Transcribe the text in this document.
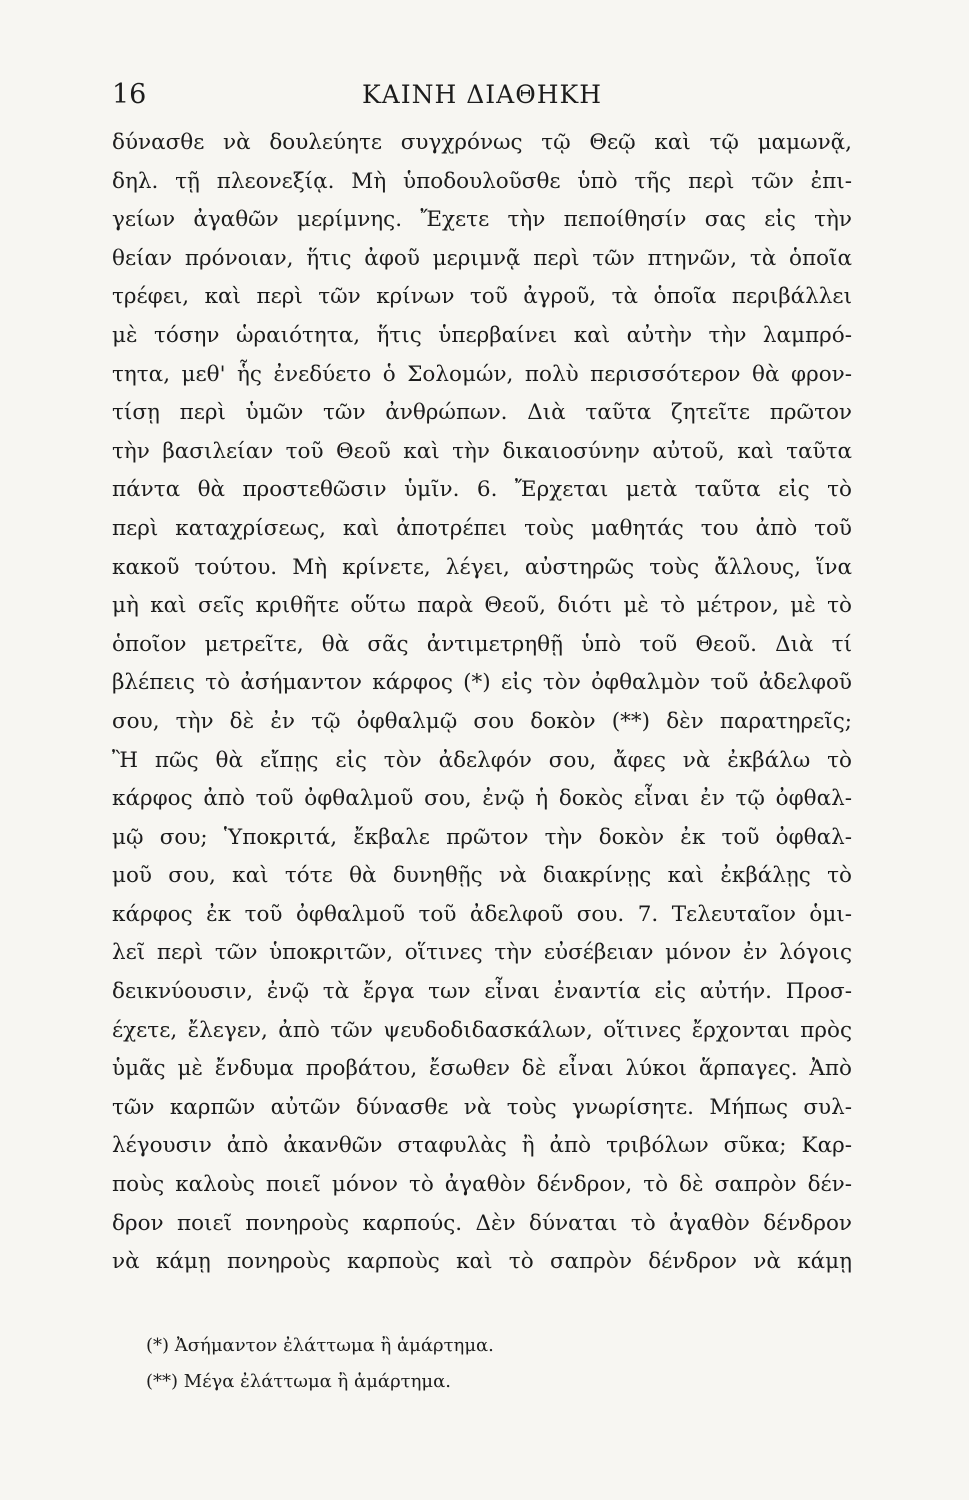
16	ΚΑΙΝΗ ΔΙΑΘΗΚΗ
δύνασθε νὰ δουλεύητε συγχρόνως τῷ Θεῷ καὶ τῷ μαμωνᾷ,
δηλ. τῇ πλεονεξίᾳ. Μὴ ὑποδουλοῦσθε ὑπὸ τῆς περὶ τῶν ἐπι-
γείων ἀγαθῶν μερίμνης. Ἔχετε τὴν πεποίθησίν σας εἰς τὴν
θείαν πρόνοιαν, ἥτις ἀφοῦ μεριμνᾷ περὶ τῶν πτηνῶν, τὰ ὁποῖα
τρέφει, καὶ περὶ τῶν κρίνων τοῦ ἀγροῦ, τὰ ὁποῖα περιβάλλει
μὲ τόσην ὡραιότητα, ἥτις ὑπερβαίνει καὶ αὐτὴν τὴν λαμπρό-
τητα, μεθ' ἧς ἐνεδύετο ὁ Σολομών, πολὺ περισσότερον θὰ φρον-
τίσῃ περὶ ὑμῶν τῶν ἀνθρώπων. Διὰ ταῦτα ζητεῖτε πρῶτον
τὴν βασιλείαν τοῦ Θεοῦ καὶ τὴν δικαιοσύνην αὐτοῦ, καὶ ταῦτα
πάντα θὰ προστεθῶσιν ὑμῖν. 6. Ἔρχεται μετὰ ταῦτα εἰς τὸ
περὶ καταχρίσεως, καὶ ἀποτρέπει τοὺς μαθητάς του ἀπὸ τοῦ
κακοῦ τούτου. Μὴ κρίνετε, λέγει, αὐστηρῶς τοὺς ἄλλους, ἵνα
μὴ καὶ σεῖς κριθῆτε οὕτω παρὰ Θεοῦ, διότι μὲ τὸ μέτρον, μὲ τὸ
ὁποῖον μετρεῖτε, θὰ σᾶς ἀντιμετρηθῇ ὑπὸ τοῦ Θεοῦ. Διὰ τί
βλέπεις τὸ ἀσήμαντον κάρφος (*) εἰς τὸν ὀφθαλμὸν τοῦ ἀδελφοῦ
σου, τὴν δὲ ἐν τῷ ὀφθαλμῷ σου δοκὸν (**) δὲν παρατηρεῖς;
Ἢ πῶς θὰ εἴπῃς εἰς τὸν ἀδελφόν σου, ἄφες νὰ ἐκβάλω τὸ
κάρφος ἀπὸ τοῦ ὀφθαλμοῦ σου, ἐνῷ ἡ δοκὸς εἶναι ἐν τῷ ὀφθαλ-
μῷ σου; Ὑποκριτά, ἔκβαλε πρῶτον τὴν δοκὸν ἐκ τοῦ ὀφθαλ-
μοῦ σου, καὶ τότε θὰ δυνηθῇς νὰ διακρίνῃς καὶ ἐκβάλῃς τὸ
κάρφος ἐκ τοῦ ὀφθαλμοῦ τοῦ ἀδελφοῦ σου. 7. Τελευταῖον ὁμι-
λεῖ περὶ τῶν ὑποκριτῶν, οἵτινες τὴν εὐσέβειαν μόνον ἐν λόγοις
δεικνύουσιν, ἐνῷ τὰ ἔργα των εἶναι ἐναντία εἰς αὐτήν. Προσ-
έχετε, ἔλεγεν, ἀπὸ τῶν ψευδοδιδασκάλων, οἵτινες ἔρχονται πρὸς
ὑμᾶς μὲ ἔνδυμα προβάτου, ἔσωθεν δὲ εἶναι λύκοι ἅρπαγες. Ἀπὸ
τῶν καρπῶν αὐτῶν δύνασθε νὰ τοὺς γνωρίσητε. Μήπως συλ-
λέγουσιν ἀπὸ ἀκανθῶν σταφυλὰς ἢ ἀπὸ τριβόλων σῦκα; Καρ-
ποὺς καλοὺς ποιεῖ μόνον τὸ ἀγαθὸν δένδρον, τὸ δὲ σαπρὸν δέν-
δρον ποιεῖ πονηροὺς καρπούς. Δὲν δύναται τὸ ἀγαθὸν δένδρον
νὰ κάμῃ πονηροὺς καρποὺς καὶ τὸ σαπρὸν δένδρον νὰ κάμῃ
(*) Ἀσήμαντον ἐλάττωμα ἢ ἁμάρτημα.
(**) Μέγα ἐλάττωμα ἢ ἁμάρτημα.
